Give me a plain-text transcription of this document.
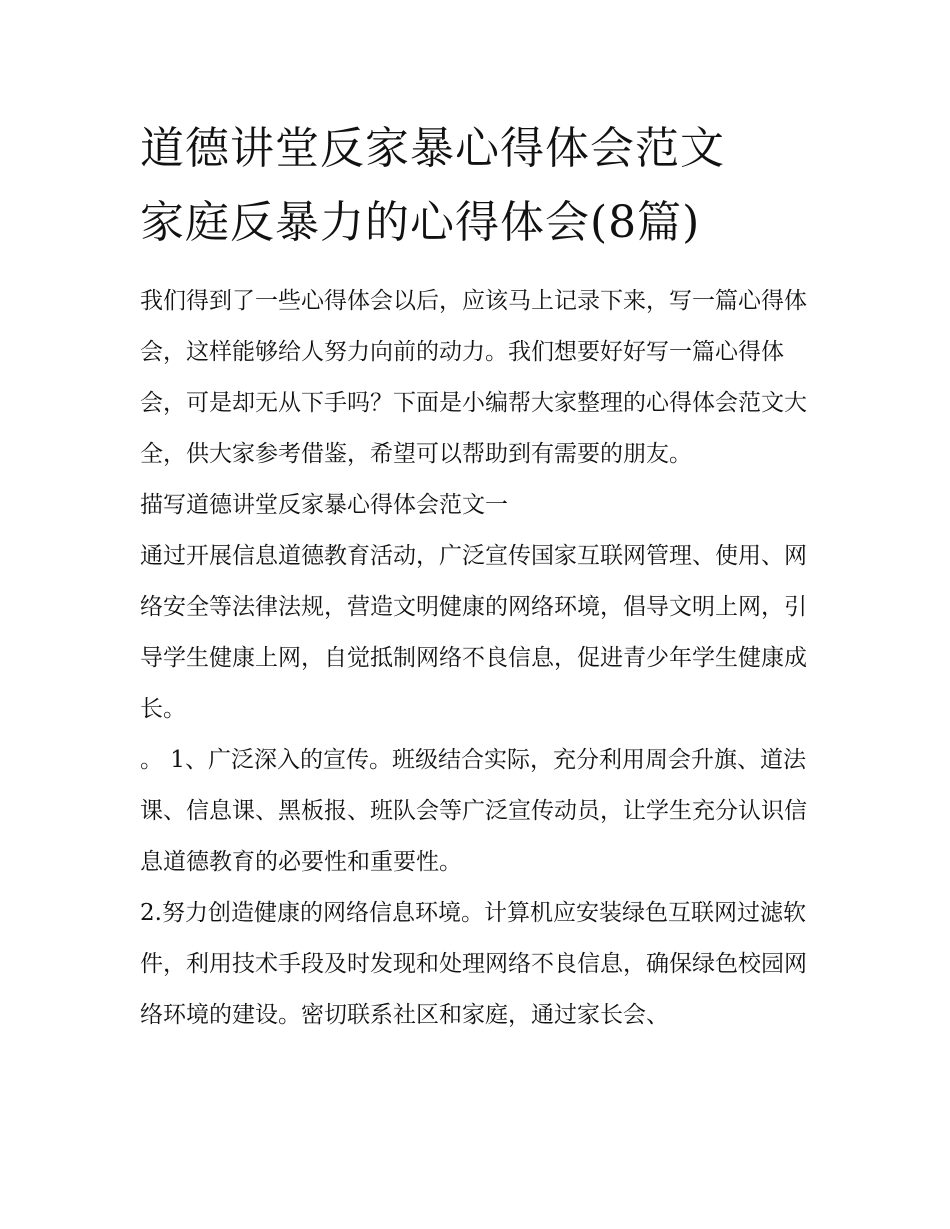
道德讲堂反家暴心得体会范文
家庭反暴力的心得体会(8篇)

我们得到了一些心得体会以后，应该马上记录下来，写一篇心得体会，这样能够给人努力向前的动力。我们想要好好写一篇心得体会，可是却无从下手吗？下面是小编帮大家整理的心得体会范文大全，供大家参考借鉴，希望可以帮助到有需要的朋友。

描写道德讲堂反家暴心得体会范文一

通过开展信息道德教育活动，广泛宣传国家互联网管理、使用、网络安全等法律法规，营造文明健康的网络环境，倡导文明上网，引导学生健康上网，自觉抵制网络不良信息，促进青少年学生健康成长。

。 1、广泛深入的宣传。班级结合实际，充分利用周会升旗、道法课、信息课、黑板报、班队会等广泛宣传动员，让学生充分认识信息道德教育的必要性和重要性。

2.努力创造健康的网络信息环境。计算机应安装绿色互联网过滤软件，利用技术手段及时发现和处理网络不良信息，确保绿色校园网络环境的建设。密切联系社区和家庭，通过家长会、
